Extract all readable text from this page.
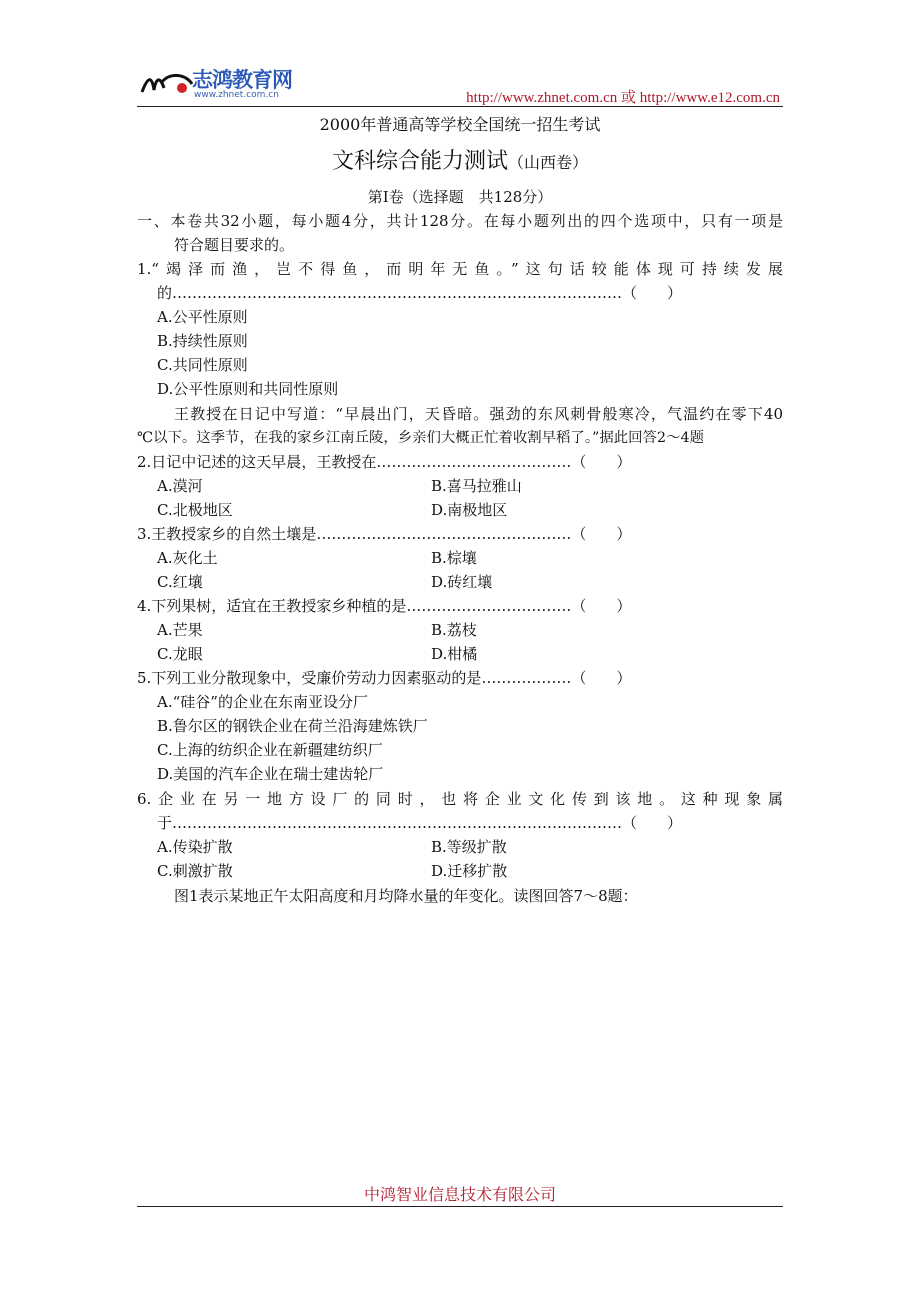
志鸿教育网
www.zhnet.com.cn	http://www.zhnet.com.cn 或 http://www.e12.com.cn
2000年普通高等学校全国统一招生考试
文科综合能力测试（山西卷）
第Ⅰ卷（选择题　共128分）
一、本卷共32小题，每小题4分，共计128分。在每小题列出的四个选项中，只有一项是
符合题目要求的。
1.“竭泽而渔，岂不得鱼，而明年无鱼。”这句话较能体现可持续发展
的………………………………………………………………………………（　　）
A.公平性原则
B.持续性原则
C.共同性原则
D.公平性原则和共同性原则
王教授在日记中写道：“早晨出门，天昏暗。强劲的东风刺骨般寒冷，气温约在零下40
℃以下。这季节，在我的家乡江南丘陵，乡亲们大概正忙着收割早稻了。”据此回答2～4题
2.日记中记述的这天早晨，王教授在…………………………………（　　）
A.漠河	B.喜马拉雅山
C.北极地区	D.南极地区
3.王教授家乡的自然土壤是……………………………………………（　　）
A.灰化土	B.棕壤
C.红壤	D.砖红壤
4.下列果树，适宜在王教授家乡种植的是……………………………（　　）
A.芒果	B.荔枝
C.龙眼	D.柑橘
5.下列工业分散现象中，受廉价劳动力因素驱动的是………………（　　）
A.“硅谷”的企业在东南亚设分厂
B.鲁尔区的钢铁企业在荷兰沿海建炼铁厂
C.上海的纺织企业在新疆建纺织厂
D.美国的汽车企业在瑞士建齿轮厂
6.企业在另一地方设厂的同时，也将企业文化传到该地。这种现象属
于………………………………………………………………………………（　　）
A.传染扩散	B.等级扩散
C.刺激扩散	D.迁移扩散
图1表示某地正午太阳高度和月均降水量的年变化。读图回答7～8题：
中鸿智业信息技术有限公司
